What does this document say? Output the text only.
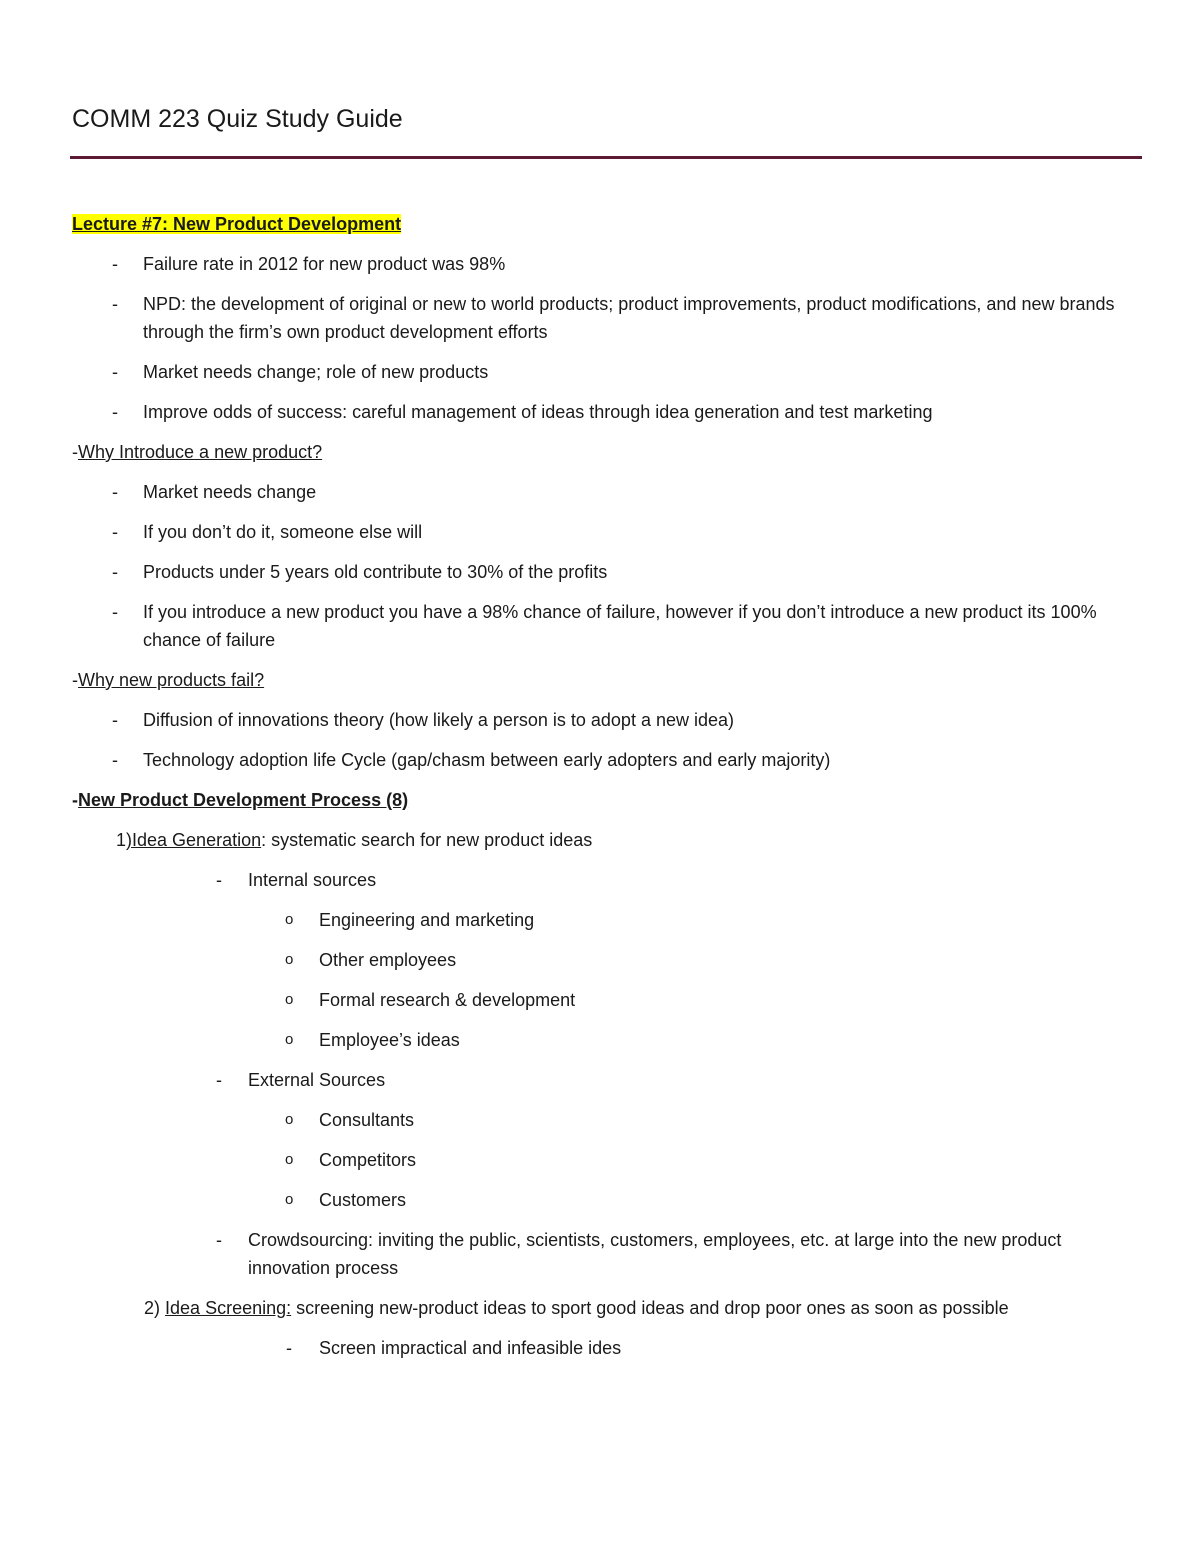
COMM 223 Quiz Study Guide
Lecture #7: New Product Development
- Failure rate in 2012 for new product was 98%
- NPD: the development of original or new to world products; product improvements, product modifications, and new brands through the firm’s own product development efforts
- Market needs change; role of new products
- Improve odds of success: careful management of ideas through idea generation and test marketing
-Why Introduce a new product?
- Market needs change
- If you don’t do it, someone else will
- Products under 5 years old contribute to 30% of the profits
- If you introduce a new product you have a 98% chance of failure, however if you don’t introduce a new product its 100% chance of failure
-Why new products fail?
- Diffusion of innovations theory (how likely a person is to adopt a new idea)
- Technology adoption life Cycle (gap/chasm between early adopters and early majority)
-New Product Development Process (8)
1)Idea Generation: systematic search for new product ideas
- Internal sources
o Engineering and marketing
o Other employees
o Formal research & development
o Employee’s ideas
- External Sources
o Consultants
o Competitors
o Customers
- Crowdsourcing: inviting the public, scientists, customers, employees, etc. at large into the new product innovation process
2) Idea Screening: screening new-product ideas to sport good ideas and drop poor ones as soon as possible
- Screen impractical and infeasible ides
